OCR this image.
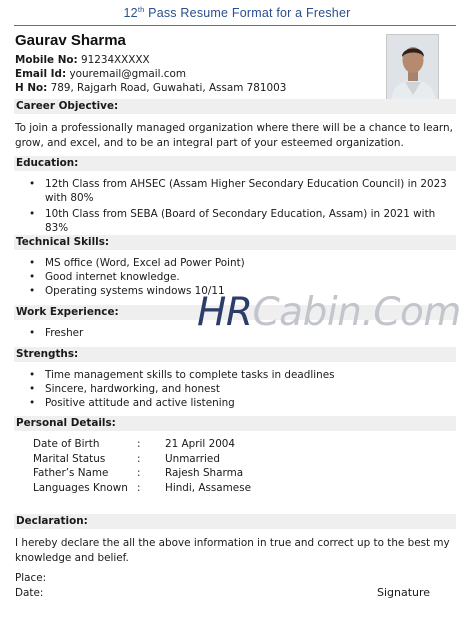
12th Pass Resume Format for a Fresher
Gaurav Sharma
Mobile No: 91234XXXXX
Email Id: youremail@gmail.com
H No: 789, Rajgarh Road, Guwahati, Assam 781003
Career Objective:
To join a professionally managed organization where there will be a chance to learn, grow, and excel, and to be an integral part of your esteemed organization.
Education:
• 12th Class from AHSEC (Assam Higher Secondary Education Council) in 2023 with 80%
• 10th Class from SEBA (Board of Secondary Education, Assam) in 2021 with 83%
Technical Skills:
• MS office (Word, Excel ad Power Point)
• Good internet knowledge.
• Operating systems windows 10/11
Work Experience:
• Fresher
Strengths:
• Time management skills to complete tasks in deadlines
• Sincere, hardworking, and honest
• Positive attitude and active listening
Personal Details:
Date of Birth	:	21 April 2004
Marital Status	:	Unmarried
Father’s Name	:	Rajesh Sharma
Languages Known :	Hindi, Assamese
Declaration:
I hereby declare the all the above information in true and correct up to the best my knowledge and belief.
Place:
Date:	Signature
HRCabin.Com
